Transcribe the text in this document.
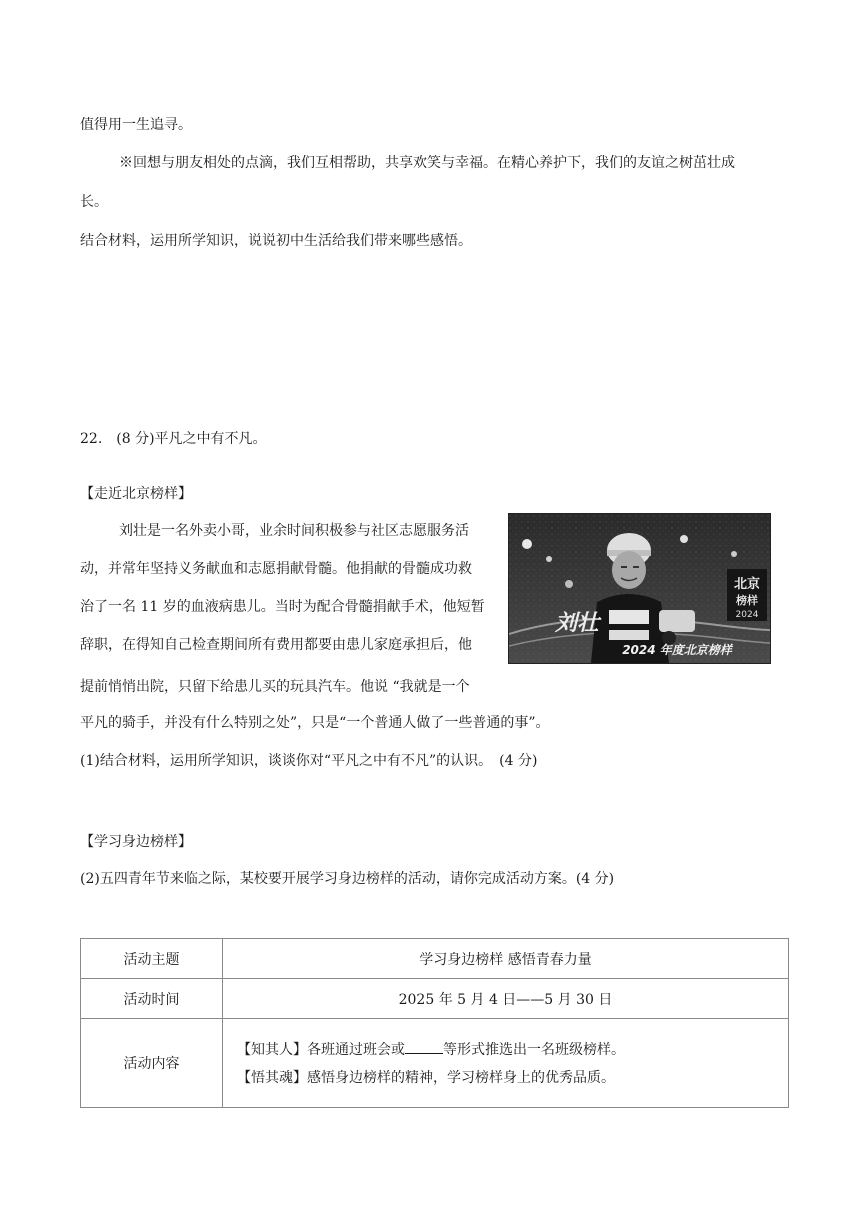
值得用一生追寻。
※回想与朋友相处的点滴，我们互相帮助，共享欢笑与幸福。在精心养护下，我们的友谊之树茁壮成
长。
结合材料，运用所学知识，说说初中生活给我们带来哪些感悟。
22.　(8 分)平凡之中有不凡。
【走近北京榜样】
刘壮是一名外卖小哥，业余时间积极参与社区志愿服务活
动，并常年坚持义务献血和志愿捐献骨髓。他捐献的骨髓成功救
治了一名 11 岁的血液病患儿。当时为配合骨髓捐献手术，他短暂
辞职，在得知自己检查期间所有费用都要由患儿家庭承担后，他
提前悄悄出院，只留下给患儿买的玩具汽车。他说 “我就是一个
平凡的骑手，并没有什么特别之处”，只是“一个普通人做了一些普通的事”。
刘壮
北京
榜样
2024
2024 年度北京榜样
(1)结合材料，运用所学知识，谈谈你对“平凡之中有不凡”的认识。　(4 分)
【学习身边榜样】
(2)五四青年节来临之际，某校要开展学习身边榜样的活动，请你完成活动方案。(4 分)
活动主题	学习身边榜样 感悟青春力量
活动时间	2025 年 5 月 4 日——5 月 30 日
活动内容	【知其人】各班通过班会或 等形式推选出一名班级榜样。
【悟其魂】感悟身边榜样的精神，学习榜样身上的优秀品质。
